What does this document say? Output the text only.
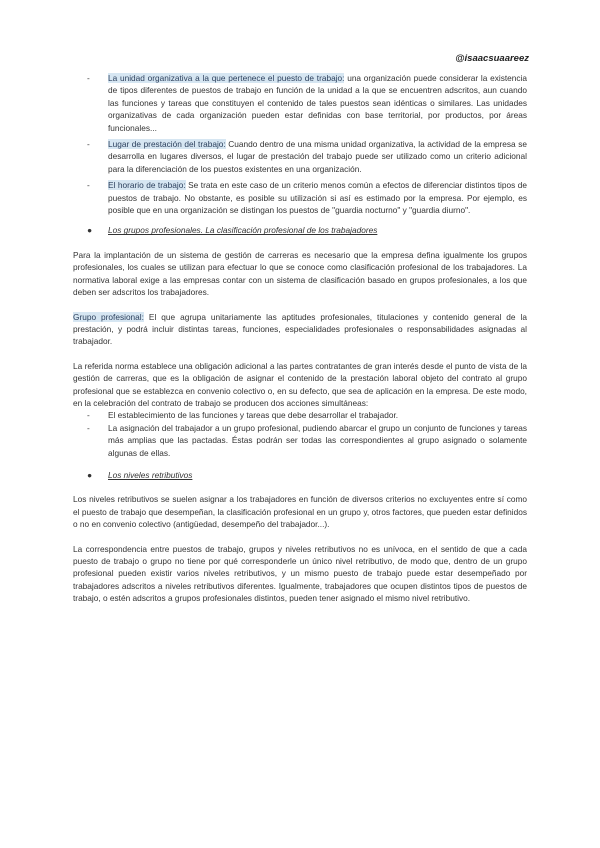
@isaacsuaareez
- La unidad organizativa a la que pertenece el puesto de trabajo: una organización puede considerar la existencia de tipos diferentes de puestos de trabajo en función de la unidad a la que se encuentren adscritos, aun cuando las funciones y tareas que constituyen el contenido de tales puestos sean idénticas o similares. Las unidades organizativas de cada organización pueden estar definidas con base territorial, por productos, por áreas funcionales...

- Lugar de prestación del trabajo: Cuando dentro de una misma unidad organizativa, la actividad de la empresa se desarrolla en lugares diversos, el lugar de prestación del trabajo puede ser utilizado como un criterio adicional para la diferenciación de los puestos existentes en una organización.

- El horario de trabajo: Se trata en este caso de un criterio menos común a efectos de diferenciar distintos tipos de puestos de trabajo. No obstante, es posible su utilización si así es estimado por la empresa. Por ejemplo, es posible que en una organización se distingan los puestos de "guardia nocturno" y "guardia diurno".

● Los grupos profesionales. La clasificación profesional de los trabajadores

Para la implantación de un sistema de gestión de carreras es necesario que la empresa defina igualmente los grupos profesionales, los cuales se utilizan para efectuar lo que se conoce como clasificación profesional de los trabajadores. La normativa laboral exige a las empresas contar con un sistema de clasificación basado en grupos profesionales, a los que deben ser adscritos los trabajadores.

Grupo profesional: El que agrupa unitariamente las aptitudes profesionales, titulaciones y contenido general de la prestación, y podrá incluir distintas tareas, funciones, especialidades profesionales o responsabilidades asignadas al trabajador.

La referida norma establece una obligación adicional a las partes contratantes de gran interés desde el punto de vista de la gestión de carreras, que es la obligación de asignar el contenido de la prestación laboral objeto del contrato al grupo profesional que se establezca en convenio colectivo o, en su defecto, que sea de aplicación en la empresa. De este modo, en la celebración del contrato de trabajo se producen dos acciones simultáneas:

- El establecimiento de las funciones y tareas que debe desarrollar el trabajador.

- La asignación del trabajador a un grupo profesional, pudiendo abarcar el grupo un conjunto de funciones y tareas más amplias que las pactadas. Éstas podrán ser todas las correspondientes al grupo asignado o solamente algunas de ellas.

● Los niveles retributivos

Los niveles retributivos se suelen asignar a los trabajadores en función de diversos criterios no excluyentes entre sí como el puesto de trabajo que desempeñan, la clasificación profesional en un grupo y, otros factores, que pueden estar definidos o no en convenio colectivo (antigüedad, desempeño del trabajador...).

La correspondencia entre puestos de trabajo, grupos y niveles retributivos no es unívoca, en el sentido de que a cada puesto de trabajo o grupo no tiene por qué corresponderle un único nivel retributivo, de modo que, dentro de un grupo profesional pueden existir varios niveles retributivos, y un mismo puesto de trabajo puede estar desempeñado por trabajadores adscritos a niveles retributivos diferentes. Igualmente, trabajadores que ocupen distintos tipos de puestos de trabajo, o estén adscritos a grupos profesionales distintos, pueden tener asignado el mismo nivel retributivo.
